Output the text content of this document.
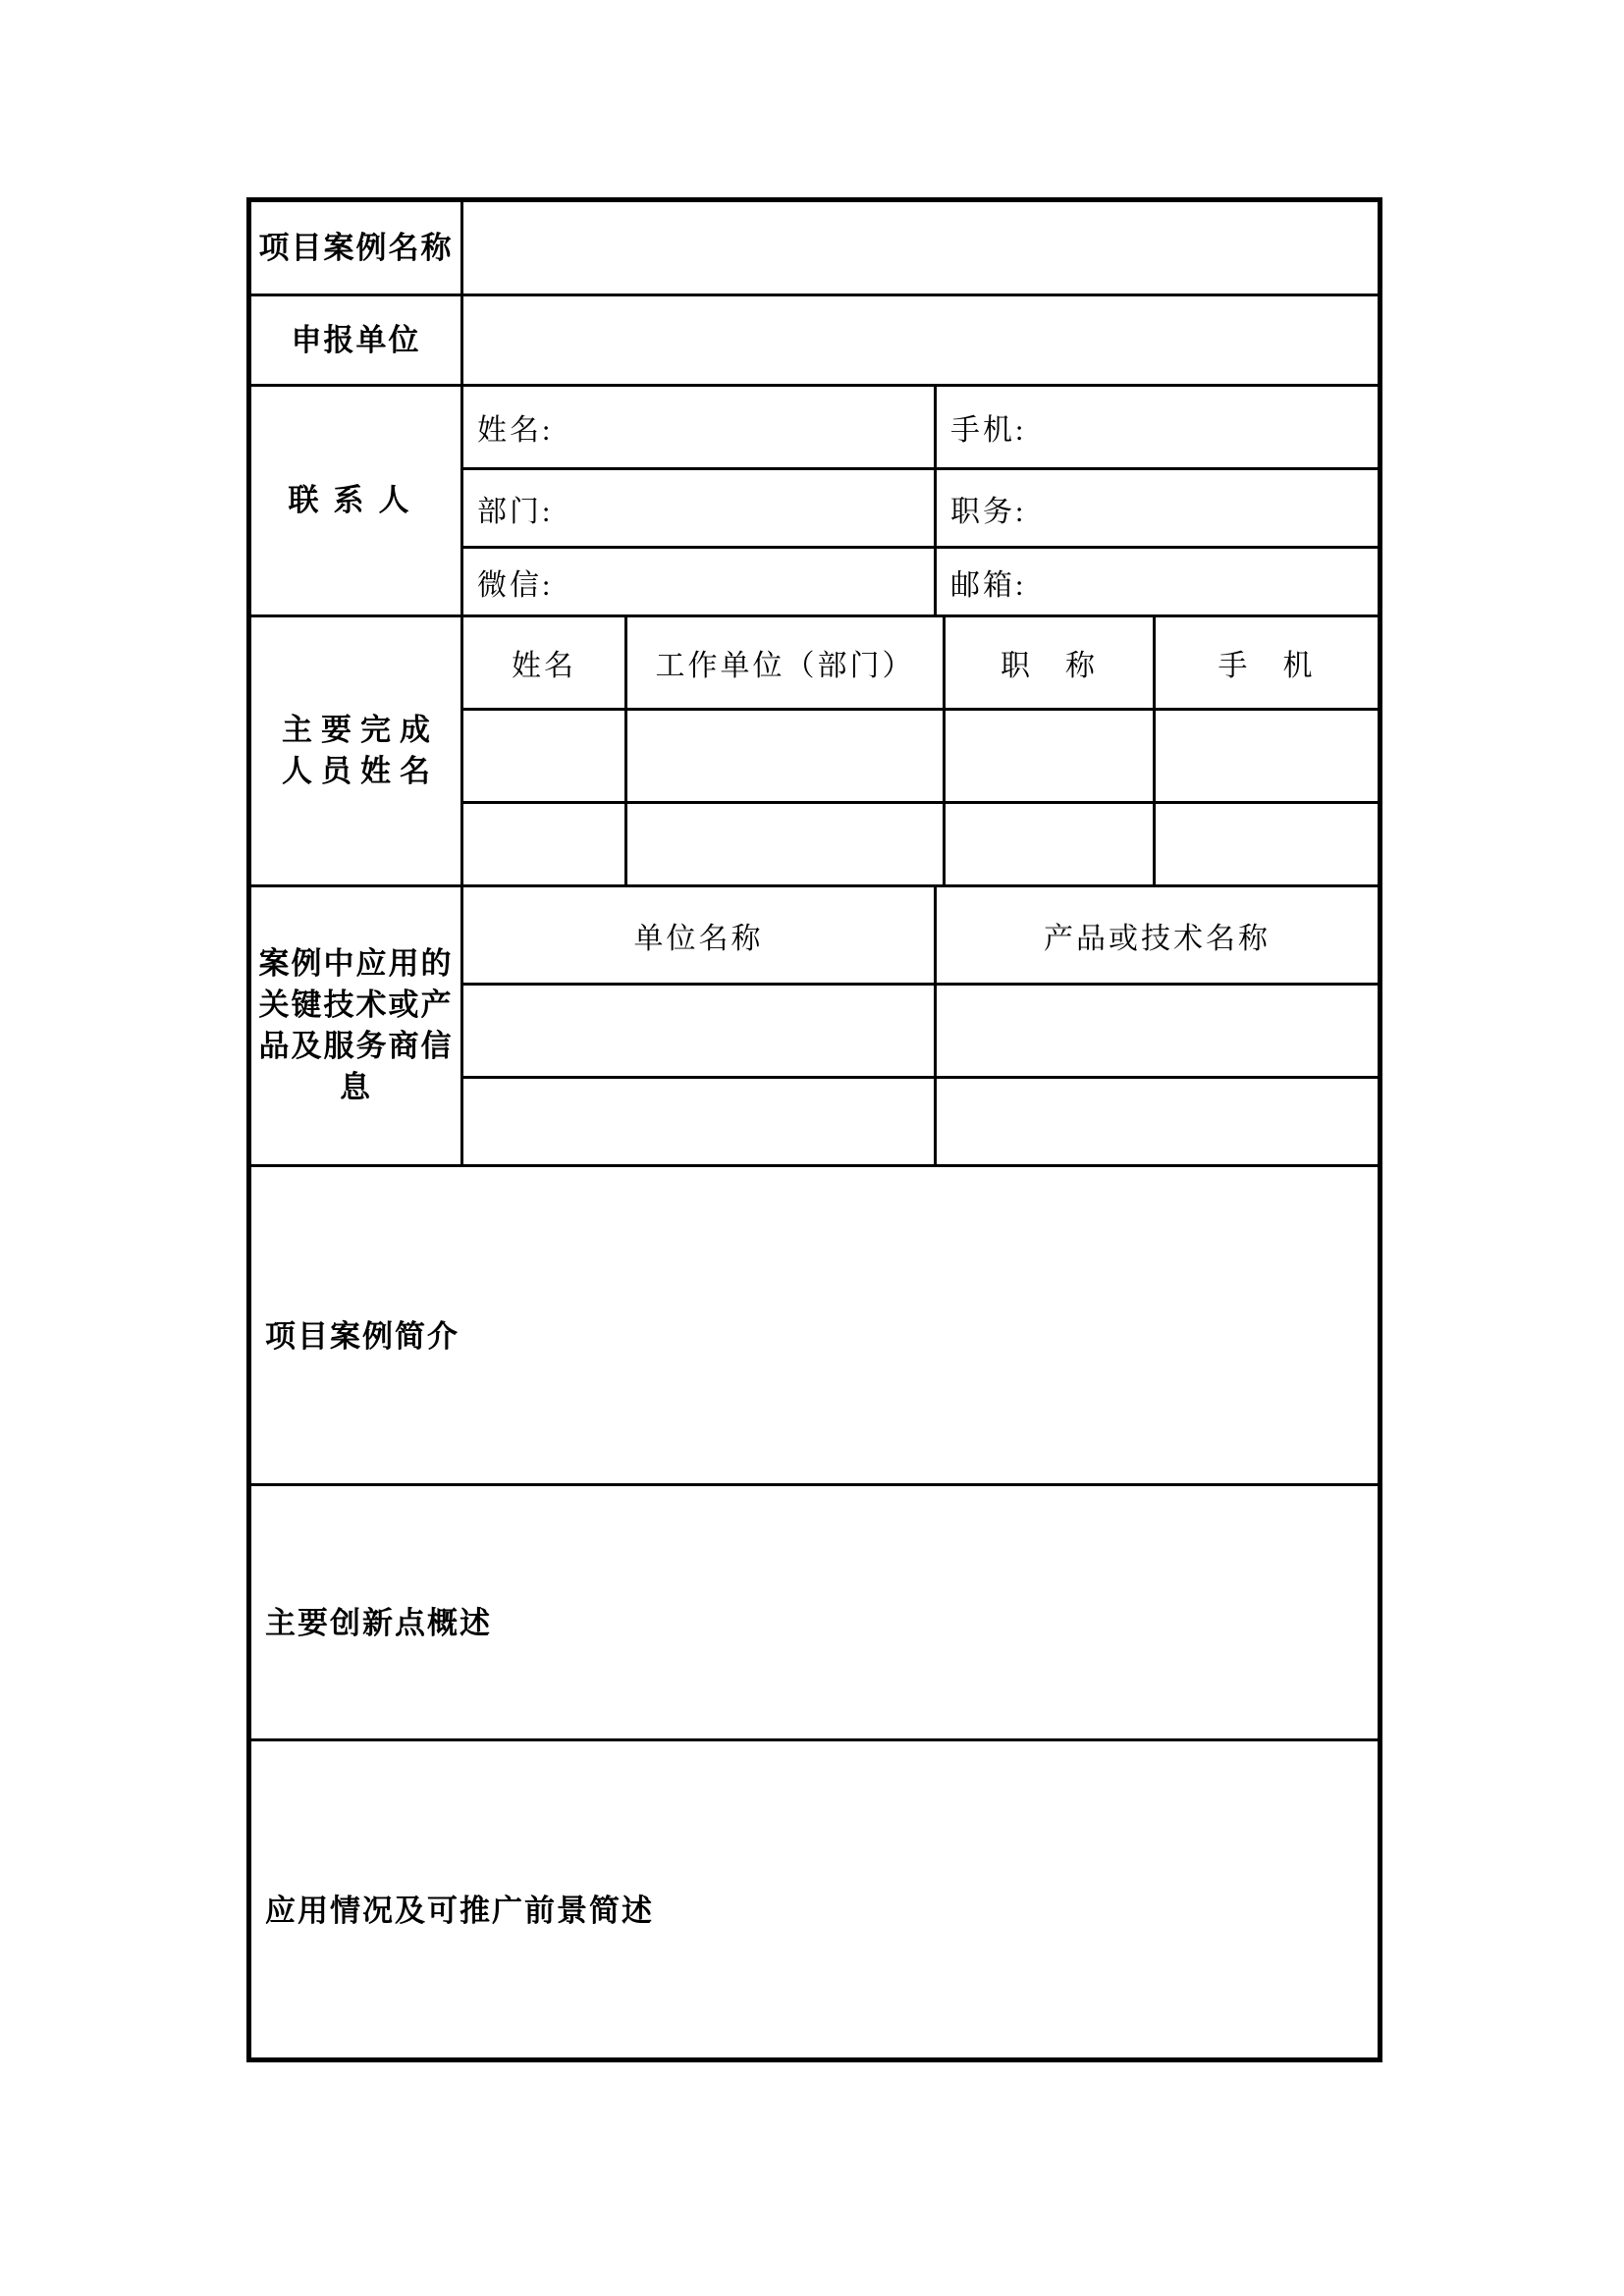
项目案例名称					
申报单位					
联系人	姓名:		手机:		
	部门:		职务:		
	微信:		邮箱:		

主要完成
人员姓名	姓名	工作单位（部门）		职　称	手　机

案例中应用的关键技术或产品及服务商信息	单位名称		产品或技术名称		

项目案例简介					
主要创新点概述					
应用情况及可推广前景简述					
